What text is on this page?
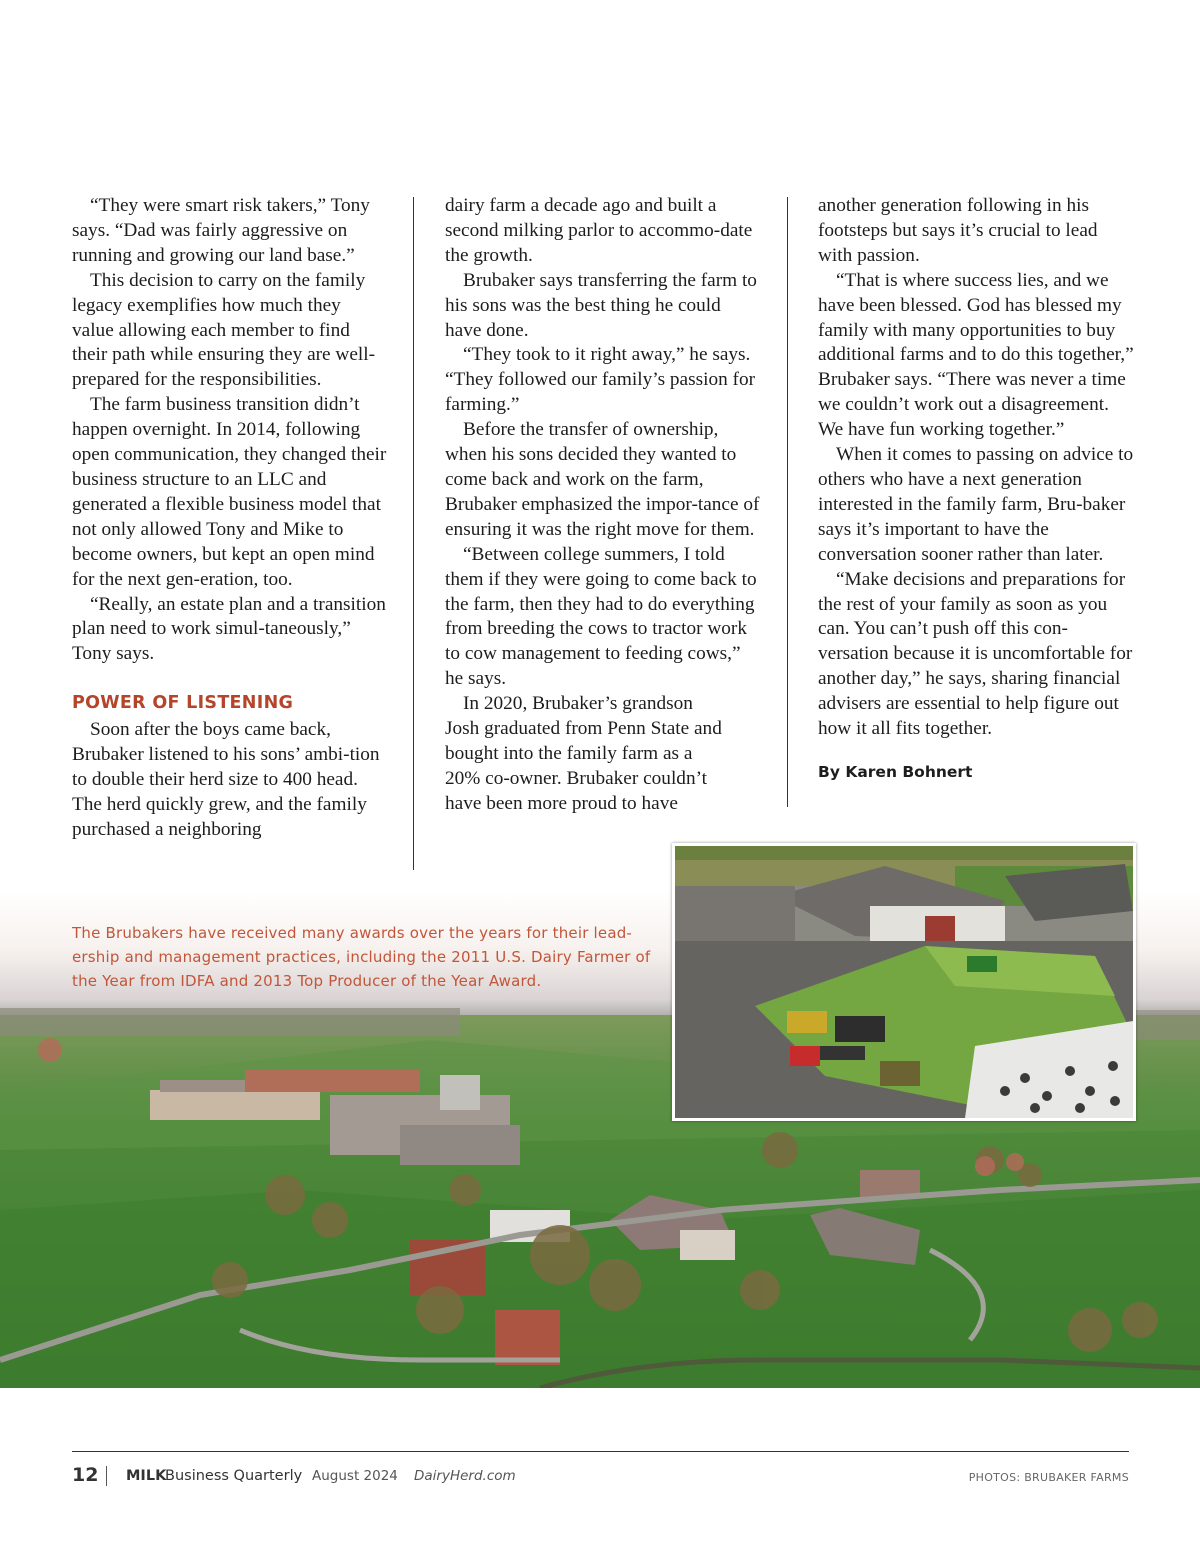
“They were smart risk takers,” Tony says. “Dad was fairly aggressive on running and growing our land base.”

This decision to carry on the family legacy exemplifies how much they value allowing each member to find their path while ensuring they are well-prepared for the responsibilities.

The farm business transition didn’t happen overnight. In 2014, following open communication, they changed their business structure to an LLC and generated a flexible business model that not only allowed Tony and Mike to become owners, but kept an open mind for the next gen-eration, too.

“Really, an estate plan and a transition plan need to work simul-taneously,” Tony says.

POWER OF LISTENING

Soon after the boys came back, Brubaker listened to his sons’ ambi-tion to double their herd size to 400 head. The herd quickly grew, and the family purchased a neighboring

dairy farm a decade ago and built a second milking parlor to accommo-date the growth.

Brubaker says transferring the farm to his sons was the best thing he could have done.

“They took to it right away,” he says. “They followed our family’s passion for farming.”

Before the transfer of ownership, when his sons decided they wanted to come back and work on the farm, Brubaker emphasized the impor-tance of ensuring it was the right move for them.

“Between college summers, I told them if they were going to come back to the farm, then they had to do everything from breeding the cows to tractor work to cow management to feeding cows,” he says.

In 2020, Brubaker’s grandson Josh graduated from Penn State and bought into the family farm as a 20% co-owner. Brubaker couldn’t have been more proud to have

another generation following in his footsteps but says it’s crucial to lead with passion.

“That is where success lies, and we have been blessed. God has blessed my family with many opportunities to buy additional farms and to do this together,” Brubaker says. “There was never a time we couldn’t work out a disagreement. We have fun working together.”

When it comes to passing on advice to others who have a next generation interested in the family farm, Bru-baker says it’s important to have the conversation sooner rather than later.

“Make decisions and preparations for the rest of your family as soon as you can. You can’t push off this con-versation because it is uncomfortable for another day,” he says, sharing financial advisers are essential to help figure out how it all fits together.

By Karen Bohnert

The Brubakers have received many awards over the years for their lead-ership and management practices, including the 2011 U.S. Dairy Farmer of the Year from IDFA and 2013 Top Producer of the Year Award.
12 MILK
Business Quarterly August 2024 DairyHerd.com	PHOTOS: BRUBAKER FARMS
